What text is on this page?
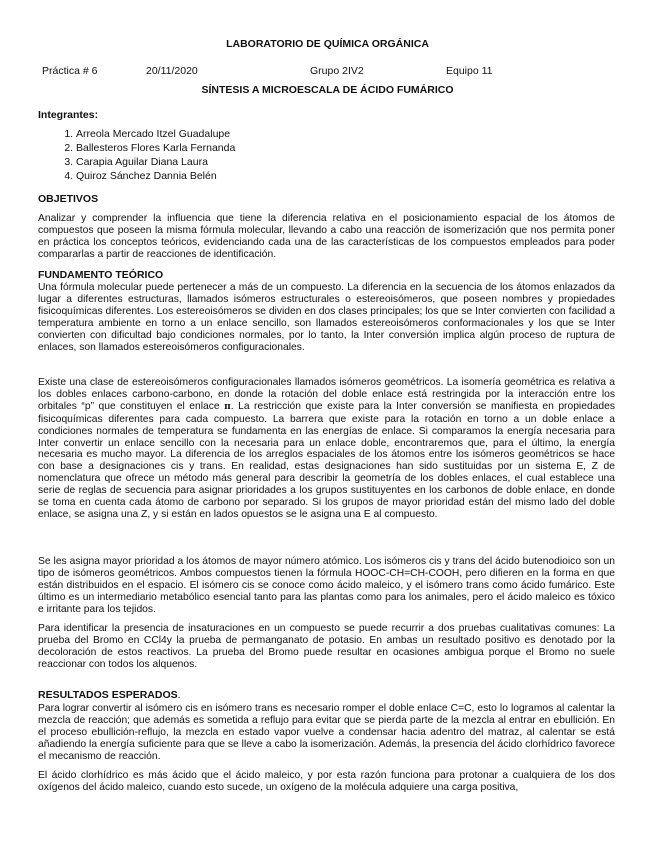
LABORATORIO DE QUÍMICA ORGÁNICA
Práctica # 6	20/11/2020	Grupo 2IV2	Equipo 11
SÍNTESIS A MICROESCALA DE ÁCIDO FUMÁRICO
Integrantes:
1. Arreola Mercado Itzel Guadalupe
2. Ballesteros Flores Karla Fernanda
3. Carapia Aguilar Diana Laura
4. Quiroz Sánchez Dannia Belén
OBJETIVOS

Analizar y comprender la influencia que tiene la diferencia relativa en el posicionamiento espacial de los átomos de compuestos que poseen la misma fórmula molecular, llevando a cabo una reacción de isomerización que nos permita poner en práctica los conceptos teóricos, evidenciando cada una de las características de los compuestos empleados para poder compararlas a partir de reacciones de identificación.

FUNDAMENTO TEÓRICO

Una fórmula molecular puede pertenecer a más de un compuesto. La diferencia en la secuencia de los átomos enlazados da lugar a diferentes estructuras, llamados isómeros estructurales o estereoisómeros, que poseen nombres y propiedades fisicoquímicas diferentes. Los estereoisómeros se dividen en dos clases principales; los que se Inter convierten con facilidad a temperatura ambiente en torno a un enlace sencillo, son llamados estereoisómeros conformacionales y los que se Inter convierten con dificultad bajo condiciones normales, por lo tanto, la Inter conversión implica algún proceso de ruptura de enlaces, son llamados estereoisómeros configuracionales.

Existe una clase de estereoisómeros configuracionales llamados isómeros geométricos. La isomería geométrica es relativa a los dobles enlaces carbono-carbono, en donde la rotación del doble enlace está restringida por la interacción entre los orbitales “p” que constituyen el enlace π. La restricción que existe para la Inter conversión se manifiesta en propiedades fisicoquímicas diferentes para cada compuesto. La barrera que existe para la rotación en torno a un doble enlace a condiciones normales de temperatura se fundamenta en las energías de enlace. Si comparamos la energía necesaria para Inter convertir un enlace sencillo con la necesaria para un enlace doble, encontraremos que, para el último, la energía necesaria es mucho mayor. La diferencia de los arreglos espaciales de los átomos entre los isómeros geométricos se hace con base a designaciones cis y trans. En realidad, estas designaciones han sido sustituidas por un sistema E, Z de nomenclatura que ofrece un método más general para describir la geometría de los dobles enlaces, el cual establece una serie de reglas de secuencia para asignar prioridades a los grupos sustituyentes en los carbonos de doble enlace, en donde se toma en cuenta cada átomo de carbono por separado. Si los grupos de mayor prioridad están del mismo lado del doble enlace, se asigna una Z, y si están en lados opuestos se le asigna una E al compuesto.

Se les asigna mayor prioridad a los átomos de mayor número atómico. Los isómeros cis y trans del ácido butenodioico son un tipo de isómeros geométricos. Ambos compuestos tienen la fórmula HOOC-CH=CH-COOH, pero difieren en la forma en que están distribuidos en el espacio. El isómero cis se conoce como ácido maleico, y el isómero trans como ácido fumárico. Este último es un intermediario metabólico esencial tanto para las plantas como para los animales, pero el ácido maleico es tóxico e irritante para los tejidos.

Para identificar la presencia de insaturaciones en un compuesto se puede recurrir a dos pruebas cualitativas comunes: La prueba del Bromo en CCl4y la prueba de permanganato de potasio. En ambas un resultado positivo es denotado por la decoloración de estos reactivos. La prueba del Bromo puede resultar en ocasiones ambigua porque el Bromo no suele reaccionar con todos los alquenos.

RESULTADOS ESPERADOS.

Para lograr convertir al isómero cis en isómero trans es necesario romper el doble enlace C=C, esto lo logramos al calentar la mezcla de reacción; que además es sometida a reflujo para evitar que se pierda parte de la mezcla al entrar en ebullición. En el proceso ebullición-reflujo, la mezcla en estado vapor vuelve a condensar hacia adentro del matraz, al calentar se está añadiendo la energía suficiente para que se lleve a cabo la isomerización. Además, la presencia del ácido clorhídrico favorece el mecanismo de reacción.

El ácido clorhídrico es más ácido que el ácido maleico, y por esta razón funciona para protonar a cualquiera de los dos oxígenos del ácido maleico, cuando esto sucede, un oxígeno de la molécula adquiere una carga positiva,
